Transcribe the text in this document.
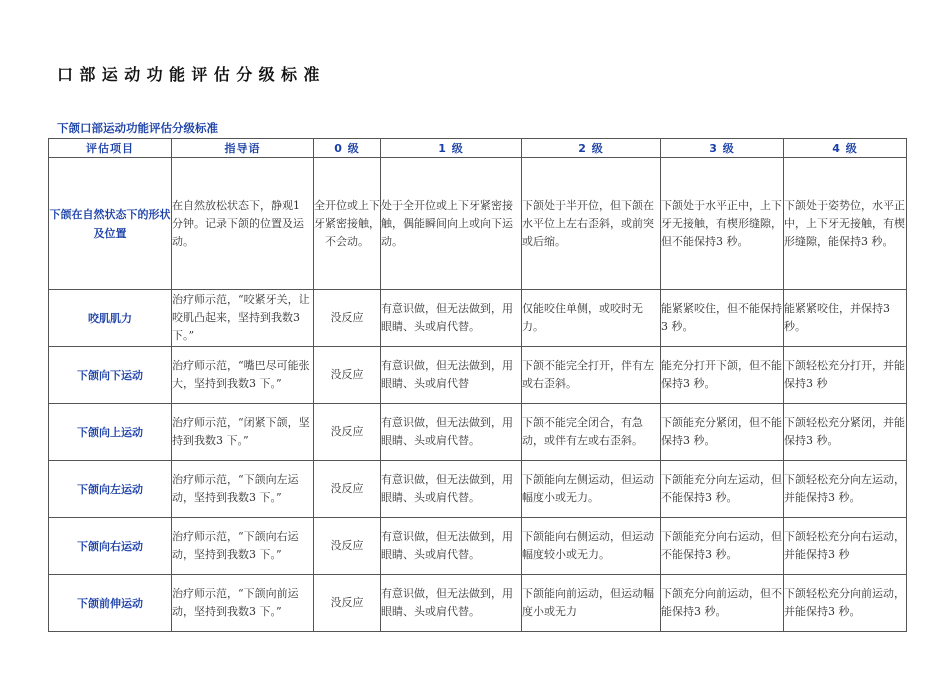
口部运动功能评估分级标准
下颌口部运动功能评估分级标准
评估项目	指导语	0 级	1 级	2 级	3 级	4 级
下颌在自然状态下的形状及位置	在自然放松状态下，静观1 分钟。记录下颌的位置及运动。	全开位或上下牙紧密接触，不会动。	处于全开位或上下牙紧密接触，偶能瞬间向上或向下运动。	下颌处于半开位，但下颌在水平位上左右歪斜，或前突或后缩。	下颌处于水平正中，上下牙无接触，有楔形缝隙，但不能保持3 秒。	下颌处于姿势位，水平正中，上下牙无接触，有楔形缝隙，能保持3 秒。
咬肌肌力	治疗师示范，“咬紧牙关，让咬肌凸起来，坚持到我数3 下。”	没反应	有意识做，但无法做到，用眼睛、头或肩代替。	仅能咬住单侧，或咬时无力。	能紧紧咬住，但不能保持3 秒。	能紧紧咬住，并保持3 秒。
下颌向下运动	治疗师示范，“嘴巴尽可能张大，坚持到我数3 下。”	没反应	有意识做，但无法做到，用眼睛、头或肩代替	下颌不能完全打开，伴有左或右歪斜。	能充分打开下颌，但不能保持3 秒。	下颌轻松充分打开，并能保持3 秒
下颌向上运动	治疗师示范，“闭紧下颌，坚持到我数3 下。”	没反应	有意识做，但无法做到，用眼睛、头或肩代替。	下颌不能完全闭合，有急动，或伴有左或右歪斜。	下颌能充分紧闭，但不能保持3 秒。	下颌轻松充分紧闭，并能保持3 秒。
下颌向左运动	治疗师示范，“下颌向左运动，坚持到我数3 下。”	没反应	有意识做，但无法做到，用眼睛、头或肩代替。	下颌能向左侧运动，但运动幅度小或无力。	下颌能充分向左运动，但不能保持3 秒。	下颌轻松充分向左运动，并能保持3 秒。
下颌向右运动	治疗师示范，“下颌向右运动，坚持到我数3 下。”	没反应	有意识做，但无法做到，用眼睛、头或肩代替。	下颌能向右侧运动，但运动幅度较小或无力。	下颌能充分向右运动，但不能保持3 秒。	下颌轻松充分向右运动，并能保持3 秒
下颌前伸运动	治疗师示范，“下颌向前运动，坚持到我数3 下。”	没反应	有意识做，但无法做到，用眼睛、头或肩代替。	下颌能向前运动，但运动幅度小或无力	下颌充分向前运动，但不能保持3 秒。	下颌轻松充分向前运动，并能保持3 秒。
